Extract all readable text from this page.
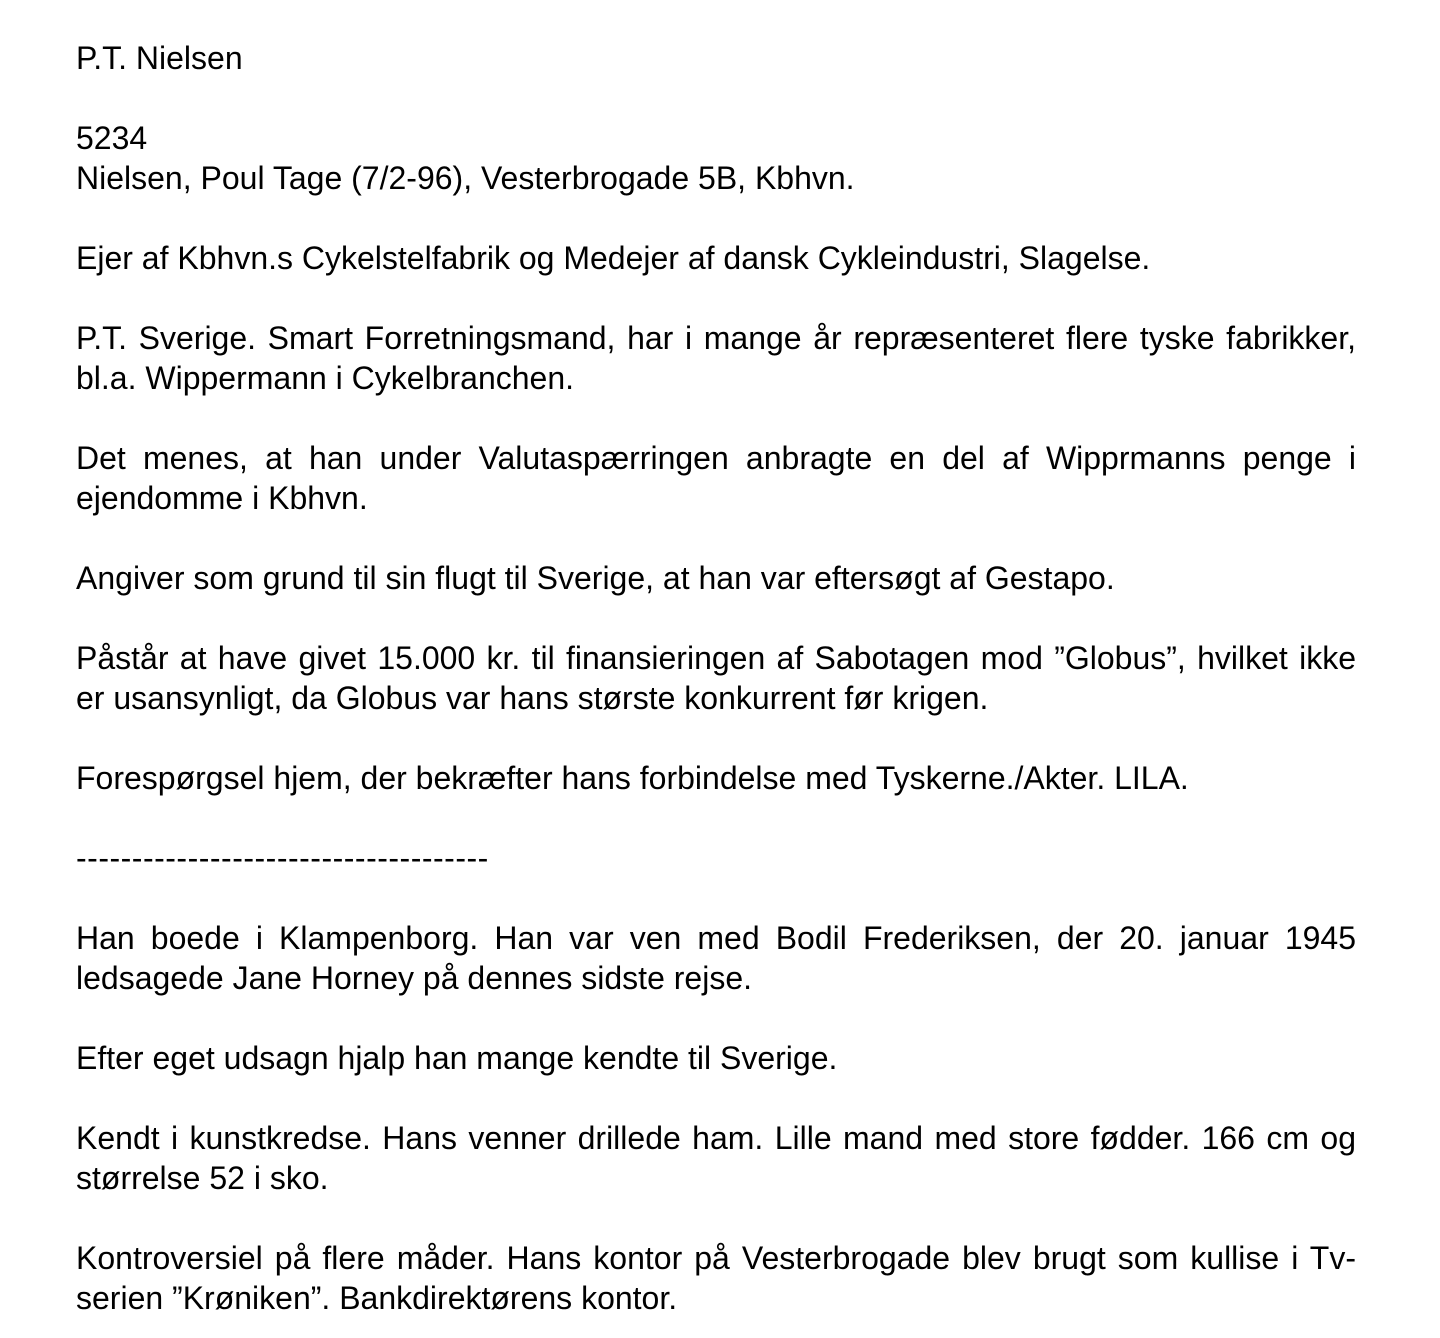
P.T. Nielsen

5234

Nielsen, Poul Tage (7/2-96), Vesterbrogade 5B, Kbhvn.

Ejer af Kbhvn.s Cykelstelfabrik og Medejer af dansk Cykleindustri, Slagelse.

P.T. Sverige. Smart Forretningsmand, har i mange år repræsenteret flere tyske fabrikker, bl.a. Wippermann i Cykelbranchen.

Det menes, at han under Valutaspærringen anbragte en del af Wipprmanns penge i ejendomme i Kbhvn.

Angiver som grund til sin flugt til Sverige, at han var eftersøgt af Gestapo.

Påstår at have givet 15.000 kr. til finansieringen af Sabotagen mod ”Globus”, hvilket ikke er usansynligt, da Globus var hans største konkurrent før krigen.

Forespørgsel hjem, der bekræfter hans forbindelse med Tyskerne./Akter. LILA.

-------------------------------------

Han boede i Klampenborg. Han var ven med Bodil Frederiksen, der 20. januar 1945 ledsagede Jane Horney på dennes sidste rejse.

Efter eget udsagn hjalp han mange kendte til Sverige.

Kendt i kunstkredse. Hans venner drillede ham. Lille mand med store fødder. 166 cm og størrelse 52 i sko.

Kontroversiel på flere måder. Hans kontor på Vesterbrogade blev brugt som kullise i Tv-serien ”Krøniken”. Bankdirektørens kontor.
